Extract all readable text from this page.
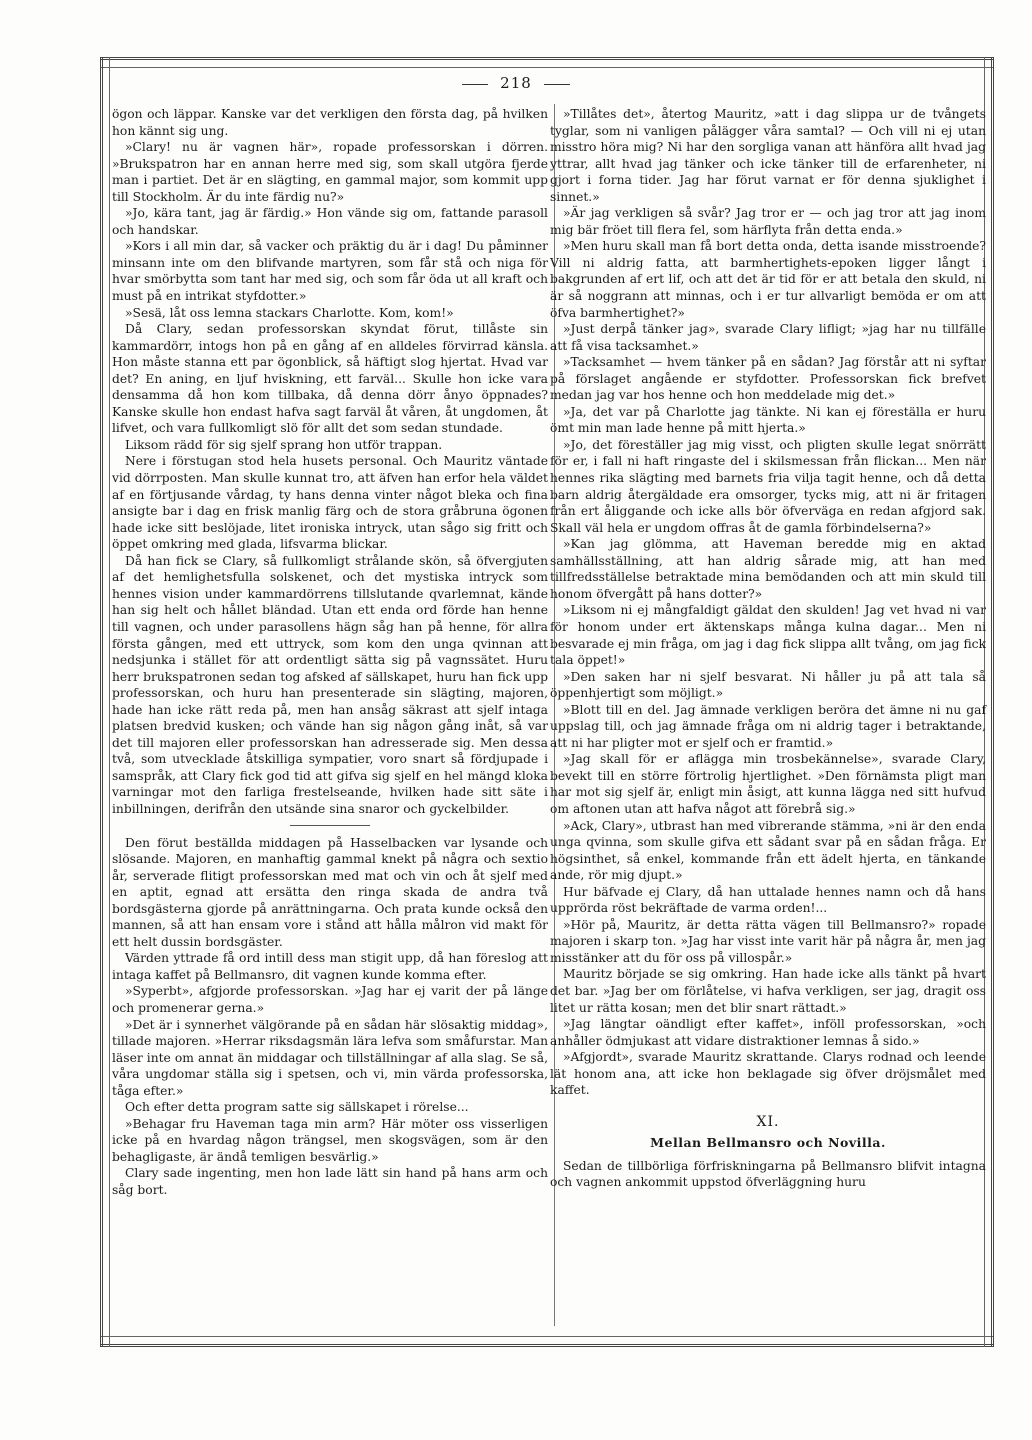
218

ögon och läppar. Kanske var det verkligen den första dag, på hvilken hon kännt sig ung.

»Clary! nu är vagnen här», ropade professorskan i dörren. »Brukspatron har en annan herre med sig, som skall utgöra fjerde man i partiet. Det är en slägting, en gammal major, som kommit upp till Stockholm. Är du inte färdig nu?»

»Jo, kära tant, jag är färdig.» Hon vände sig om, fattande parasoll och handskar.

»Kors i all min dar, så vacker och präktig du är i dag! Du påminner minsann inte om den blifvande martyren, som får stå och niga för hvar smörbytta som tant har med sig, och som får öda ut all kraft och must på en intrikat styfdotter.»

»Sesä, låt oss lemna stackars Charlotte. Kom, kom!»

Då Clary, sedan professorskan skyndat förut, tillåste sin kammardörr, intogs hon på en gång af en alldeles förvirrad känsla. Hon måste stanna ett par ögonblick, så häftigt slog hjertat. Hvad var det? En aning, en ljuf hviskning, ett farväl... Skulle hon icke vara densamma då hon kom tillbaka, då denna dörr ånyo öppnades? Kanske skulle hon endast hafva sagt farväl åt våren, åt ungdomen, åt lifvet, och vara fullkomligt slö för allt det som sedan stundade.

Liksom rädd för sig sjelf sprang hon utför trappan.

Nere i förstugan stod hela husets personal. Och Mauritz väntade vid dörrposten. Man skulle kunnat tro, att äfven han erfor hela väldet af en förtjusande vårdag, ty hans denna vinter något bleka och fina ansigte bar i dag en frisk manlig färg och de stora gråbruna ögonen hade icke sitt beslöjade, litet ironiska intryck, utan sågo sig fritt och öppet omkring med glada, lifsvarma blickar.

Då han fick se Clary, så fullkomligt strålande skön, så öfvergjuten af det hemlighetsfulla solskenet, och det mystiska intryck som hennes vision under kammardörrens tillslutande qvarlemnat, kände han sig helt och hållet bländad. Utan ett enda ord förde han henne till vagnen, och under parasollens hägn såg han på henne, för allra första gången, med ett uttryck, som kom den unga qvinnan att nedsjunka i stället för att ordentligt sätta sig på vagnssätet. Huru herr brukspatronen sedan tog afsked af sällskapet, huru han fick upp professorskan, och huru han presenterade sin slägting, majoren, hade han icke rätt reda på, men han ansåg säkrast att sjelf intaga platsen bredvid kusken; och vände han sig någon gång inåt, så var det till majoren eller professorskan han adresserade sig. Men dessa två, som utvecklade åtskilliga sympatier, voro snart så fördjupade i samspråk, att Clary fick god tid att gifva sig sjelf en hel mängd kloka varningar mot den farliga frestelseande, hvilken hade sitt säte i inbillningen, derifrån den utsände sina snaror och gyckelbilder.

Den förut beställda middagen på Hasselbacken var lysande och slösande. Majoren, en manhaftig gammal knekt på några och sextio år, serverade flitigt professorskan med mat och vin och åt sjelf med en aptit, egnad att ersätta den ringa skada de andra två bordsgästerna gjorde på anrättningarna. Och prata kunde också den mannen, så att han ensam vore i stånd att hålla målron vid makt för ett helt dussin bordsgäster.

Värden yttrade få ord intill dess man stigit upp, då han föreslog att intaga kaffet på Bellmansro, dit vagnen kunde komma efter.

»Syperbt», afgjorde professorskan. »Jag har ej varit der på länge och promenerar gerna.»

»Det är i synnerhet välgörande på en sådan här slösaktig middag», tillade majoren. »Herrar riksdagsmän lära lefva som småfurstar. Man läser inte om annat än middagar och tillställningar af alla slag. Se så, våra ungdomar ställa sig i spetsen, och vi, min värda professorska, tåga efter.»

Och efter detta program satte sig sällskapet i rörelse...

»Behagar fru Haveman taga min arm? Här möter oss visserligen icke på en hvardag någon trängsel, men skogsvägen, som är den behagligaste, är ändå temligen besvärlig.»

Clary sade ingenting, men hon lade lätt sin hand på hans arm och såg bort.

»Tillåtes det», återtog Mauritz, »att i dag slippa ur de tvångets tyglar, som ni vanligen pålägger våra samtal? — Och vill ni ej utan misstro höra mig? Ni har den sorgliga vanan att hänföra allt hvad jag yttrar, allt hvad jag tänker och icke tänker till de erfarenheter, ni gjort i forna tider. Jag har förut varnat er för denna sjuklighet i sinnet.»

»Är jag verkligen så svår? Jag tror er — och jag tror att jag inom mig bär fröet till flera fel, som härflyta från detta enda.»

»Men huru skall man få bort detta onda, detta isande misstroende? Vill ni aldrig fatta, att barmhertighets-epoken ligger långt i bakgrunden af ert lif, och att det är tid för er att betala den skuld, ni är så noggrann att minnas, och i er tur allvarligt bemöda er om att öfva barmhertighet?»

»Just derpå tänker jag», svarade Clary lifligt; »jag har nu tillfälle att få visa tacksamhet.»

»Tacksamhet — hvem tänker på en sådan? Jag förstår att ni syftar på förslaget angående er styfdotter. Professorskan fick brefvet medan jag var hos henne och hon meddelade mig det.»

»Ja, det var på Charlotte jag tänkte. Ni kan ej föreställa er huru ömt min man lade henne på mitt hjerta.»

»Jo, det föreställer jag mig visst, och pligten skulle legat snörrätt för er, i fall ni haft ringaste del i skilsmessan från flickan... Men när hennes rika slägting med barnets fria vilja tagit henne, och då detta barn aldrig återgäldade era omsorger, tycks mig, att ni är fritagen från ert åliggande och icke alls bör öfverväga en redan afgjord sak. Skall väl hela er ungdom offras åt de gamla förbindelserna?»

»Kan jag glömma, att Haveman beredde mig en aktad samhällsställning, att han aldrig sårade mig, att han med tillfredsställelse betraktade mina bemödanden och att min skuld till honom öfvergått på hans dotter?»

»Liksom ni ej mångfaldigt gäldat den skulden! Jag vet hvad ni var för honom under ert äktenskaps många kulna dagar... Men ni besvarade ej min fråga, om jag i dag fick slippa allt tvång, om jag fick tala öppet!»

»Den saken har ni sjelf besvarat. Ni håller ju på att tala så öppenhjertigt som möjligt.»

»Blott till en del. Jag ämnade verkligen beröra det ämne ni nu gaf uppslag till, och jag ämnade fråga om ni aldrig tager i betraktande, att ni har pligter mot er sjelf och er framtid.»

»Jag skall för er aflägga min trosbekännelse», svarade Clary, bevekt till en större förtrolig hjertlighet. »Den förnämsta pligt man har mot sig sjelf är, enligt min åsigt, att kunna lägga ned sitt hufvud om aftonen utan att hafva något att förebrå sig.»

»Ack, Clary», utbrast han med vibrerande stämma, »ni är den enda unga qvinna, som skulle gifva ett sådant svar på en sådan fråga. Er högsinthet, så enkel, kommande från ett ädelt hjerta, en tänkande ande, rör mig djupt.»

Hur bäfvade ej Clary, då han uttalade hennes namn och då hans upprörda röst bekräftade de varma orden!...

»Hör på, Mauritz, är detta rätta vägen till Bellmansro?» ropade majoren i skarp ton. »Jag har visst inte varit här på några år, men jag misstänker att du för oss på villospår.»

Mauritz började se sig omkring. Han hade icke alls tänkt på hvart det bar. »Jag ber om förlåtelse, vi hafva verkligen, ser jag, dragit oss litet ur rätta kosan; men det blir snart rättadt.»

»Jag längtar oändligt efter kaffet», inföll professorskan, »och anhåller ödmjukast att vidare distraktioner lemnas å sido.»

»Afgjordt», svarade Mauritz skrattande. Clarys rodnad och leende lät honom ana, att icke hon beklagade sig öfver dröjsmålet med kaffet.

XI.
Mellan Bellmansro och Novilla.

Sedan de tillbörliga förfriskningarna på Bellmansro blifvit intagna och vagnen ankommit uppstod öfverläggning huru
